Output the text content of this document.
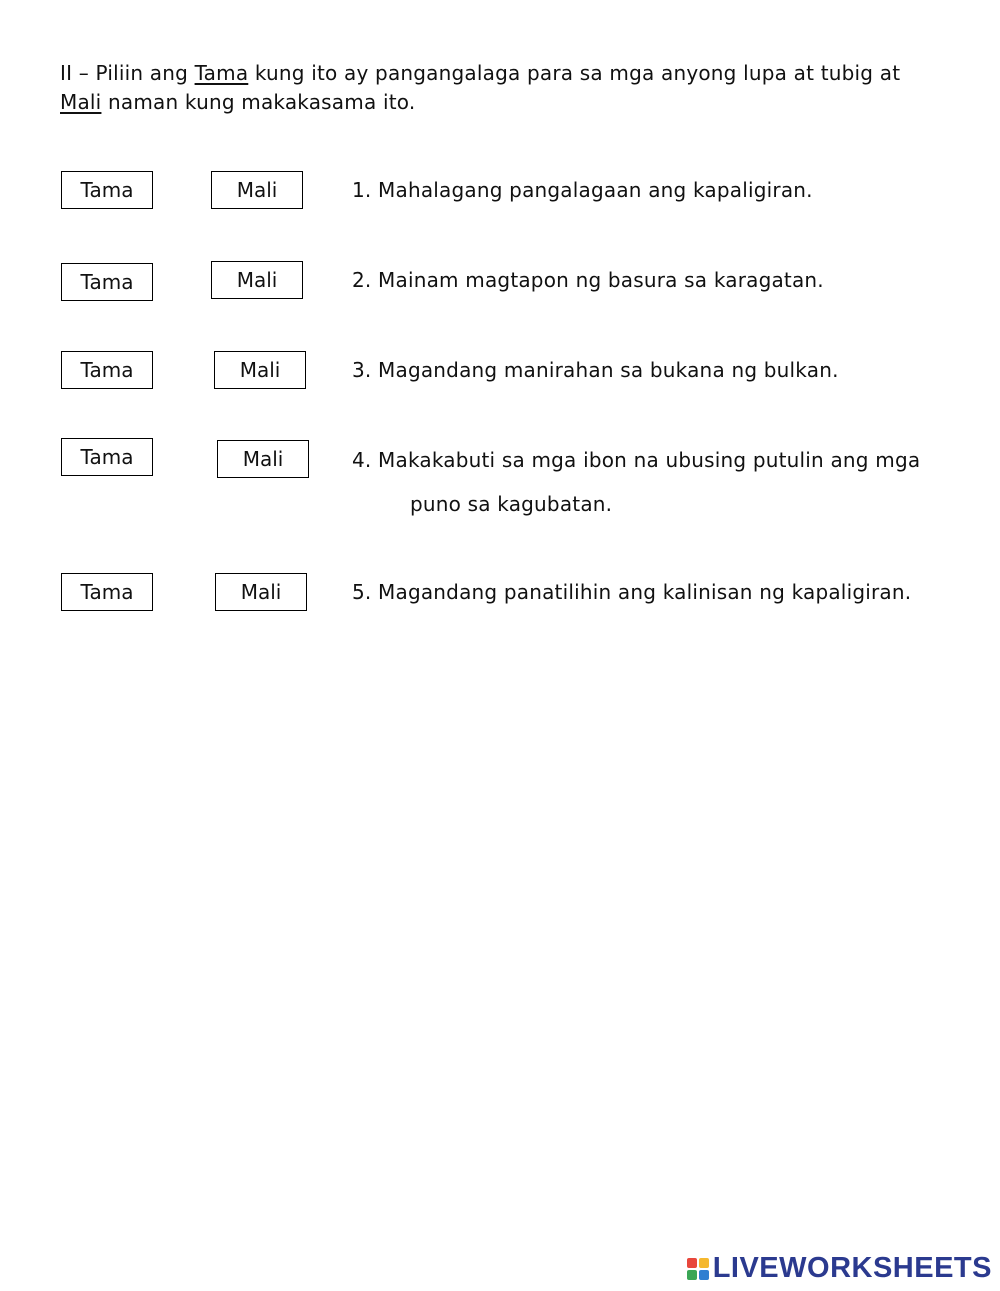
II – Piliin ang Tama kung ito ay pangangalaga para sa mga anyong lupa at tubig at Mali naman kung makakasama ito.
Tama	Mali	1. Mahalagang pangalagaan ang kapaligiran.
Tama	Mali	2. Mainam magtapon ng basura sa karagatan.
Tama	Mali	3. Magandang manirahan sa bukana ng bulkan.
Tama	Mali	4. Makakabuti sa mga ibon na ubusing putulin ang mga
puno sa kagubatan.
Tama	Mali	5. Magandang panatilihin ang kalinisan ng kapaligiran.
LIVEWORKSHEETS
